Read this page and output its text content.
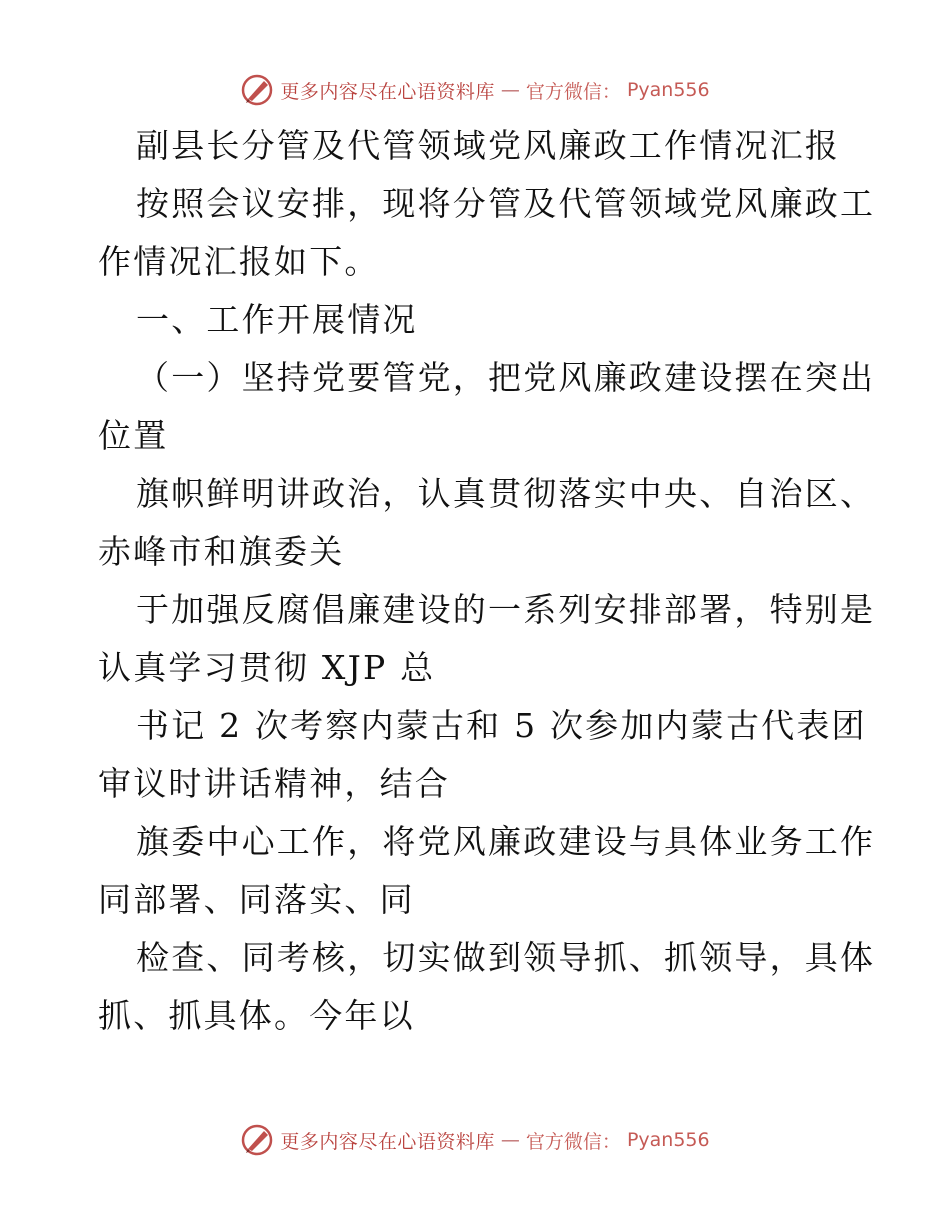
更多内容尽在心语资料库 — 官方微信： Pyan556
副县长分管及代管领域党风廉政工作情况汇报
按照会议安排，现将分管及代管领域党风廉政工
作情况汇报如下。
一、工作开展情况
（一）坚持党要管党，把党风廉政建设摆在突出
位置
旗帜鲜明讲政治，认真贯彻落实中央、自治区、
赤峰市和旗委关
于加强反腐倡廉建设的一系列安排部署，特别是
认真学习贯彻 XJP 总
书记 2 次考察内蒙古和 5 次参加内蒙古代表团
审议时讲话精神，结合
旗委中心工作，将党风廉政建设与具体业务工作
同部署、同落实、同
检查、同考核，切实做到领导抓、抓领导，具体
抓、抓具体。今年以
更多内容尽在心语资料库 — 官方微信： Pyan556
